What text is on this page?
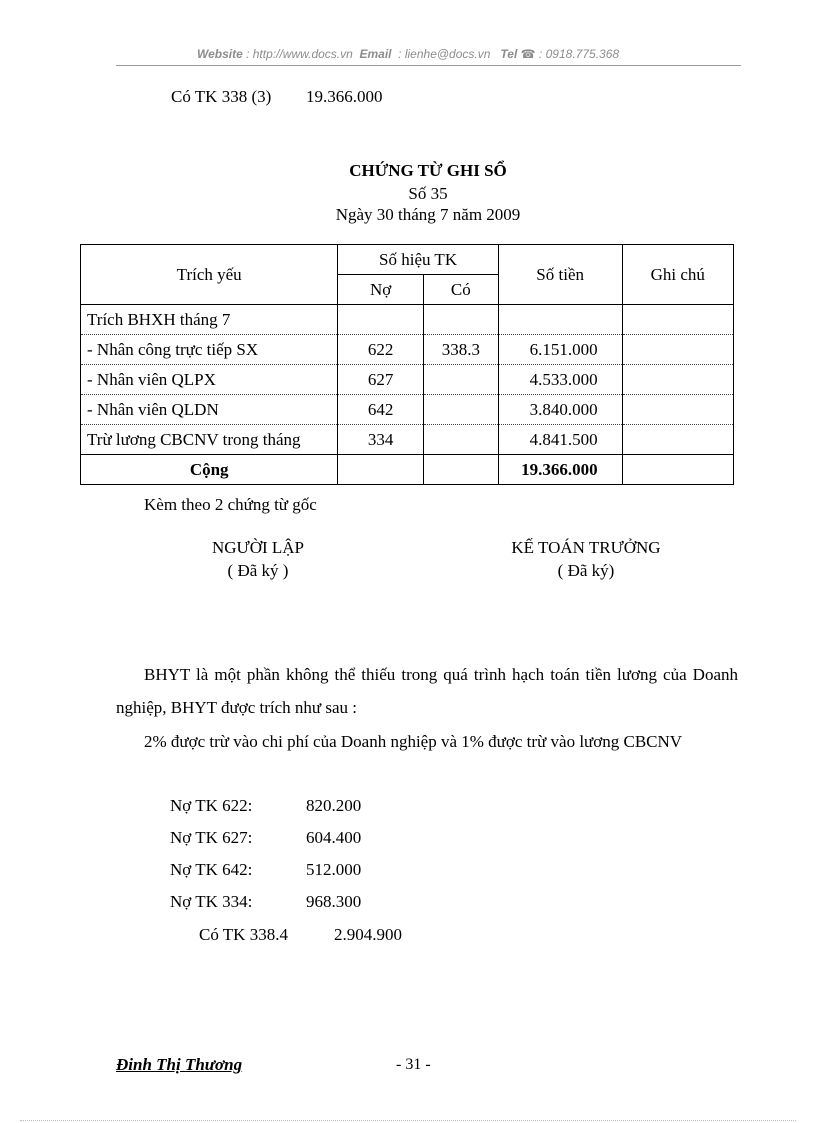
Website : http://www.docs.vn Email : lienhe@docs.vn Tel ☎ : 0918.775.368
Có TK 338 (3) 19.366.000
CHỨNG TỪ GHI SỔ
Số 35
Ngày 30 tháng 7 năm 2009
Trích yếu	Số hiệu TK		Số tiền	Ghi chú
	Nợ	Có		
Trích BHXH tháng 7				
- Nhân công trực tiếp SX	622	338.3	6.151.000	
- Nhân viên QLPX	627		4.533.000	
- Nhân viên QLDN	642		3.840.000	
Trừ lương CBCNV trong tháng	334		4.841.500	
Cộng			19.366.000	
Kèm theo 2 chứng từ gốc
NGƯỜI LẬP
( Đã ký )
KẾ TOÁN TRƯỞNG
( Đã ký)
BHYT là một phần không thể thiếu trong quá trình hạch toán tiền lương của Doanh nghiệp, BHYT được trích như sau :
2% được trừ vào chi phí của Doanh nghiệp và 1% được trừ vào lương CBCNV
Nợ TK 622:	820.200
Nợ TK 627:	604.400
Nợ TK 642:	512.000
Nợ TK 334:	968.300
Có TK 338.4	2.904.900
Đinh Thị Thương	- 31 -
